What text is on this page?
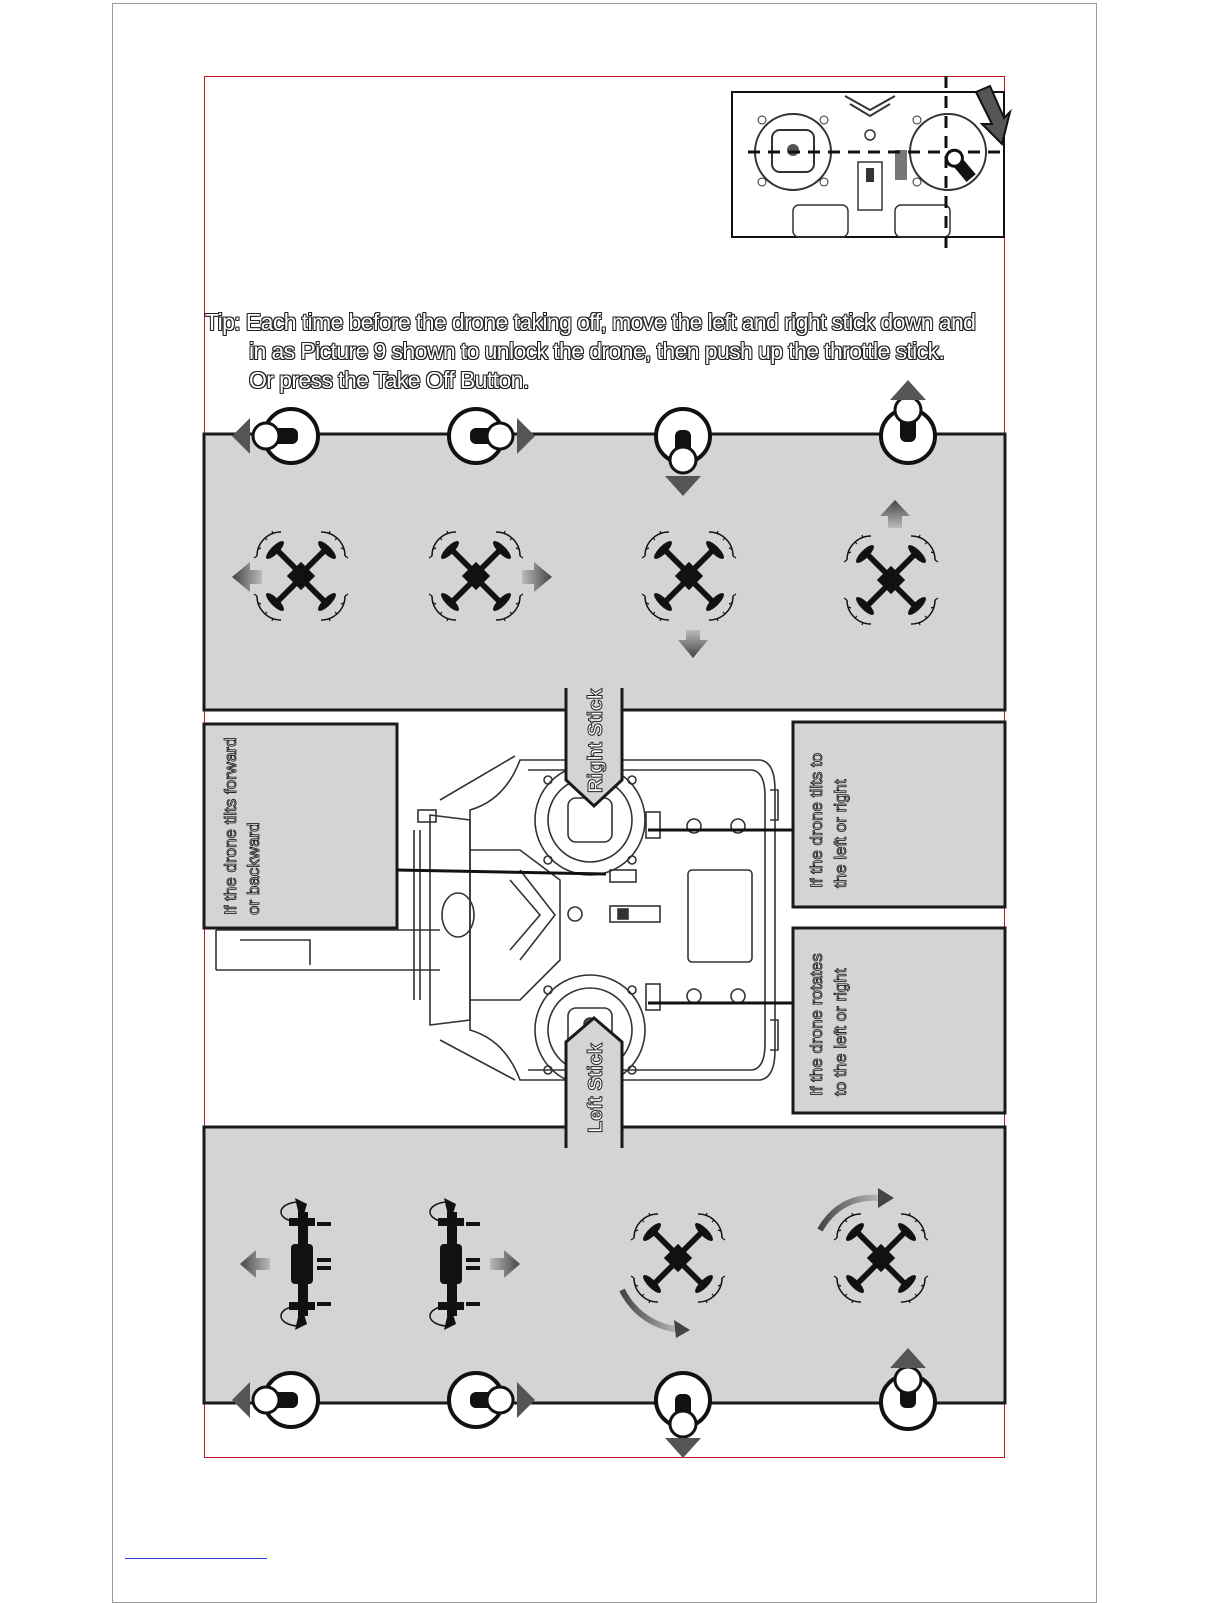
Tip: Each time before the drone taking off, move the left and right stick down and
in as Picture 9 shown to unlock the drone, then push up the throttle stick.
Or press the Take Off Button.
Right Stick
Left Stick
If the drone tilts forward or backward	If the drone tilts to the left or right
If the drone rotates to the left or right
